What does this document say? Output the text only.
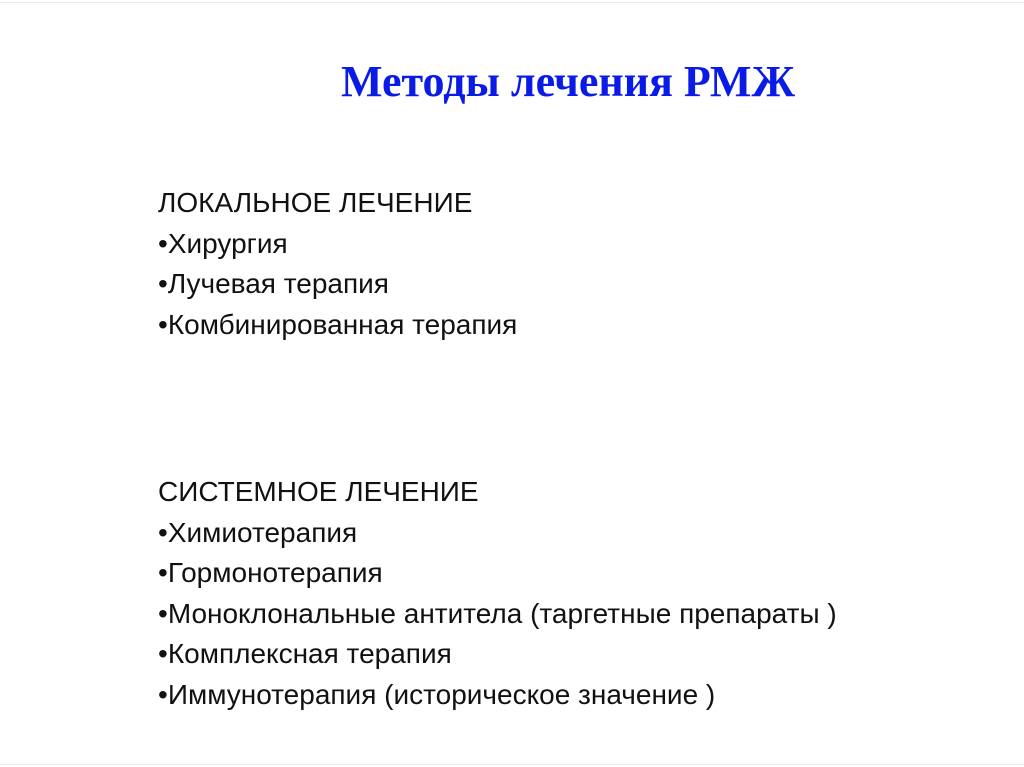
Методы лечения РМЖ
ЛОКАЛЬНОЕ ЛЕЧЕНИЕ
•Хирургия
•Лучевая терапия
•Комбинированная терапия
СИСТЕМНОЕ ЛЕЧЕНИЕ
•Химиотерапия
•Гормонотерапия
•Моноклональные антитела (таргетные препараты )
•Комплексная терапия
•Иммунотерапия (историческое значение )
